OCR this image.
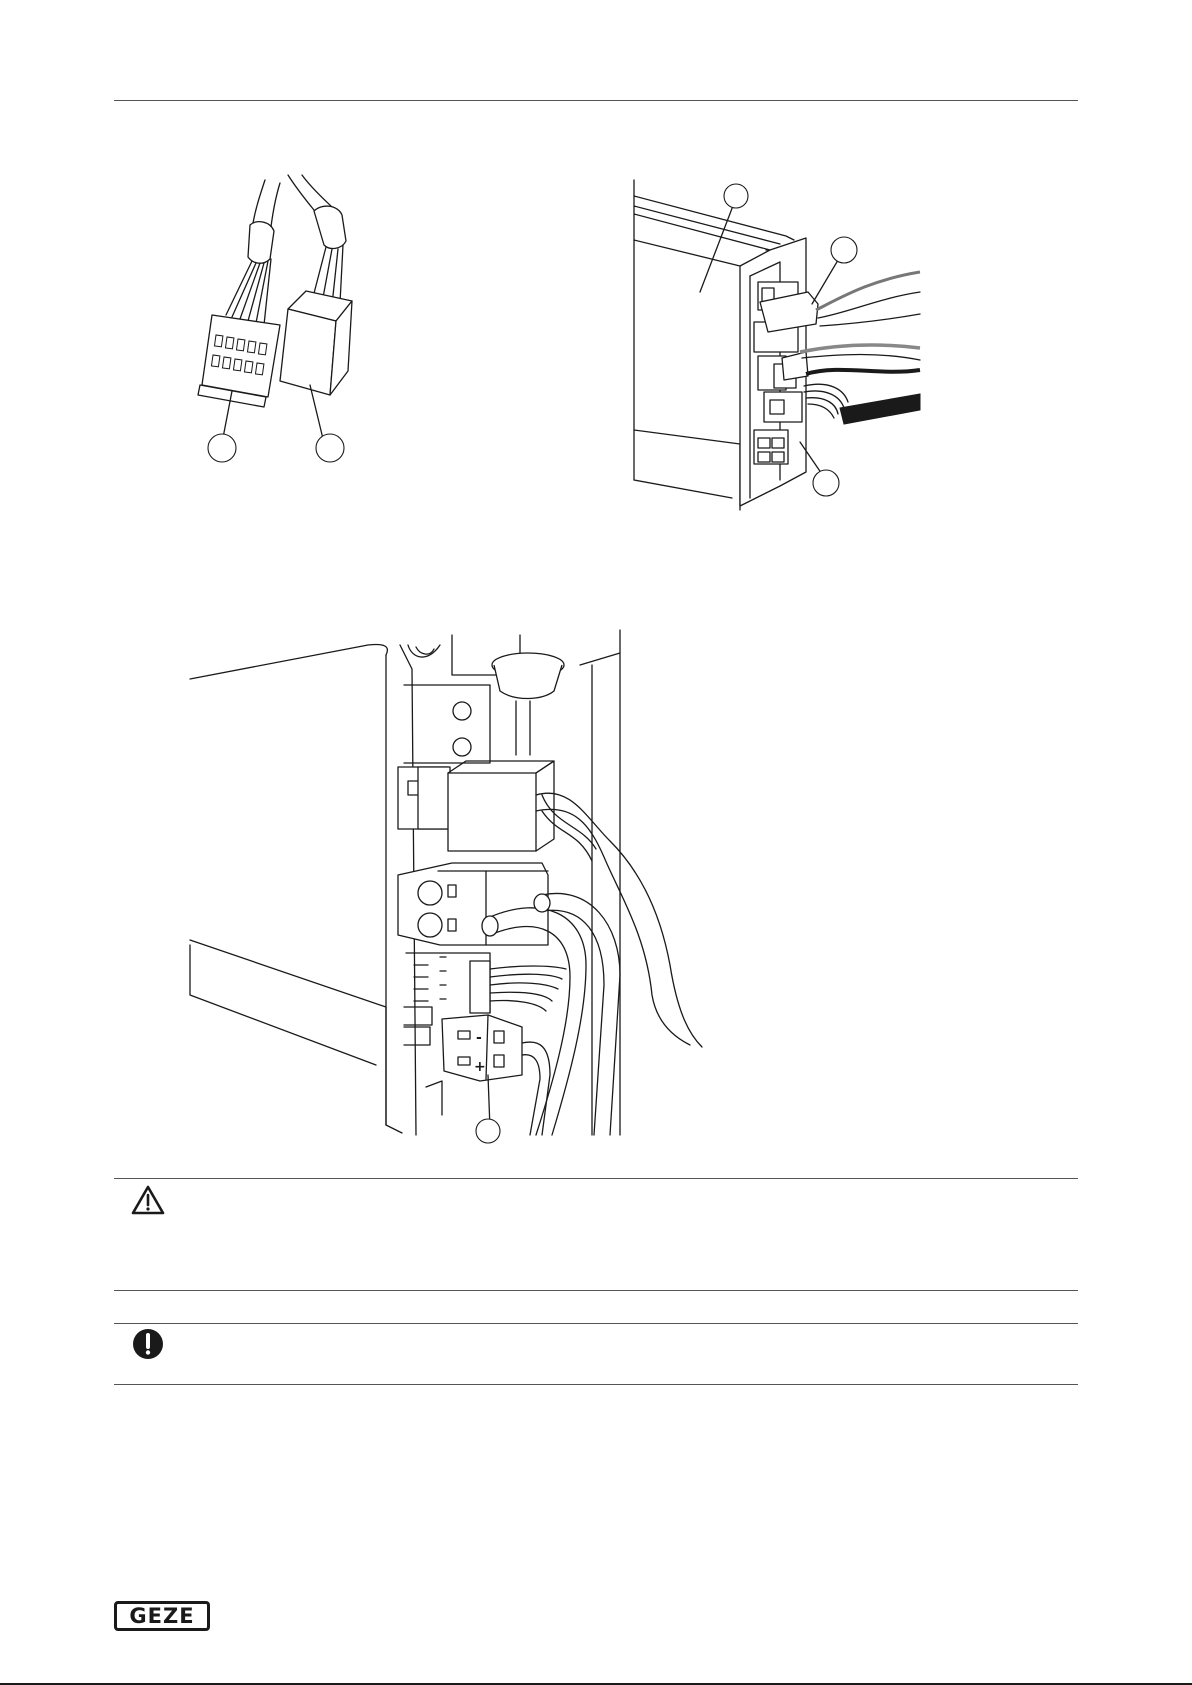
-
+
GEZE
